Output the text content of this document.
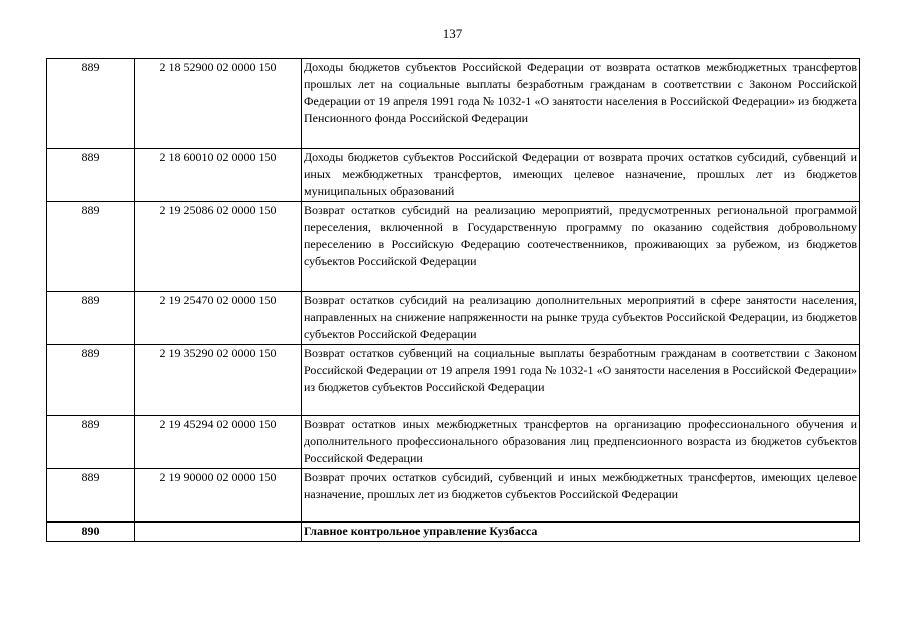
137
889	2 18 52900 02 0000 150	Доходы бюджетов субъектов Российской Федерации от возврата остатков межбюджетных трансфертов прошлых лет на социальные выплаты безработным гражданам в соответствии с Законом Российской Федерации от 19 апреля 1991 года № 1032-1 «О занятости населения в Российской Федерации» из бюджета Пенсионного фонда Российской Федерации
889	2 18 60010 02 0000 150	Доходы бюджетов субъектов Российской Федерации от возврата прочих остатков субсидий, субвенций и иных межбюджетных трансфертов, имеющих целевое назначение, прошлых лет из бюджетов муниципальных образований
889	2 19 25086 02 0000 150	Возврат остатков субсидий на реализацию мероприятий, предусмотренных региональной программой переселения, включенной в Государственную программу по оказанию содействия добровольному переселению в Российскую Федерацию соотечественников, проживающих за рубежом, из бюджетов субъектов Российской Федерации
889	2 19 25470 02 0000 150	Возврат остатков субсидий на реализацию дополнительных мероприятий в сфере занятости населения, направленных на снижение напряженности на рынке труда субъектов Российской Федерации, из бюджетов субъектов Российской Федерации
889	2 19 35290 02 0000 150	Возврат остатков субвенций на социальные выплаты безработным гражданам в соответствии с Законом Российской Федерации от 19 апреля 1991 года № 1032-1 «О занятости населения в Российской Федерации» из бюджетов субъектов Российской Федерации
889	2 19 45294 02 0000 150	Возврат остатков иных межбюджетных трансфертов на организацию профессионального обучения и дополнительного профессионального образования лиц предпенсионного возраста из бюджетов субъектов Российской Федерации
889	2 19 90000 02 0000 150	Возврат прочих остатков субсидий, субвенций и иных межбюджетных трансфертов, имеющих целевое назначение, прошлых лет из бюджетов субъектов Российской Федерации
890		Главное контрольное управление Кузбасса
